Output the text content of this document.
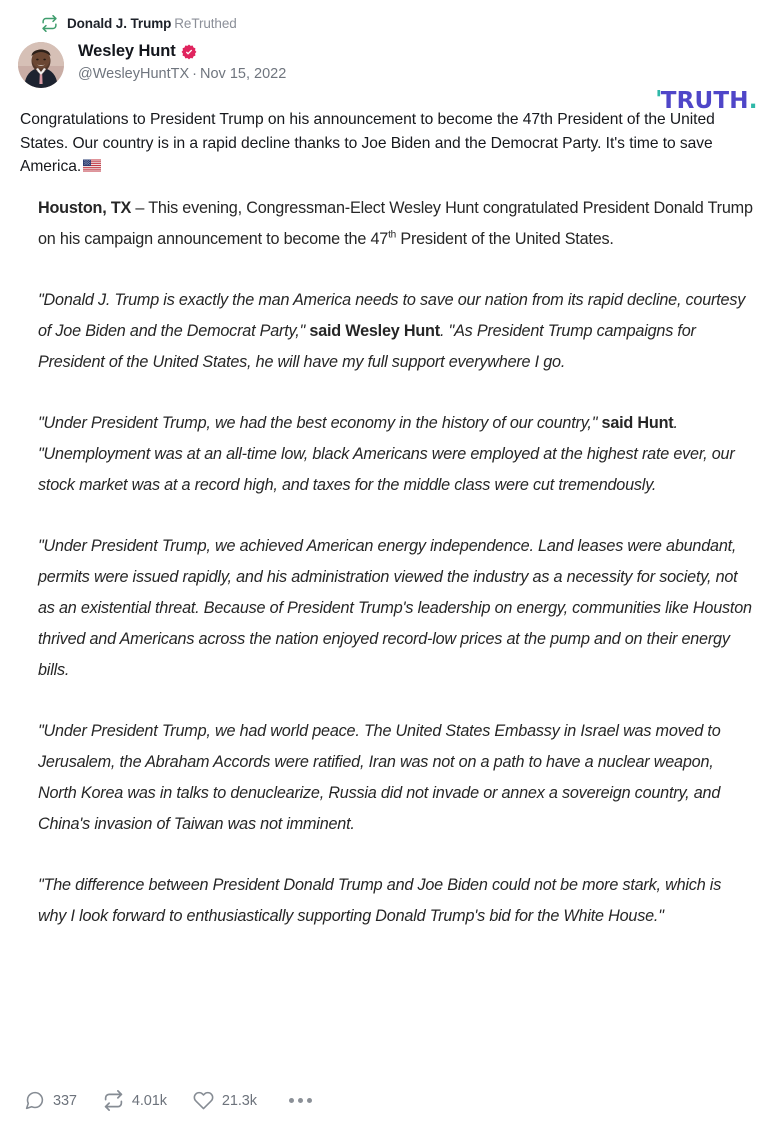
Donald J. Trump ReTruthed
Wesley Hunt
@WesleyHuntTX · Nov 15, 2022
' TRUTH .
Congratulations to President Trump on his announcement to become the 47th President of the United States. Our country is in a rapid decline thanks to Joe Biden and the Democrat Party. It's time to save America.

Houston, TX – This evening, Congressman-Elect Wesley Hunt congratulated President Donald Trump on his campaign announcement to become the 47th President of the United States.

"Donald J. Trump is exactly the man America needs to save our nation from its rapid decline, courtesy of Joe Biden and the Democrat Party," said Wesley Hunt. "As President Trump campaigns for President of the United States, he will have my full support everywhere I go.

"Under President Trump, we had the best economy in the history of our country," said Hunt. "Unemployment was at an all-time low, black Americans were employed at the highest rate ever, our stock market was at a record high, and taxes for the middle class were cut tremendously.

"Under President Trump, we achieved American energy independence. Land leases were abundant, permits were issued rapidly, and his administration viewed the industry as a necessity for society, not as an existential threat. Because of President Trump's leadership on energy, communities like Houston thrived and Americans across the nation enjoyed record-low prices at the pump and on their energy bills.

"Under President Trump, we had world peace. The United States Embassy in Israel was moved to Jerusalem, the Abraham Accords were ratified, Iran was not on a path to have a nuclear weapon, North Korea was in talks to denuclearize, Russia did not invade or annex a sovereign country, and China's invasion of Taiwan was not imminent.

"The difference between President Donald Trump and Joe Biden could not be more stark, which is why I look forward to enthusiastically supporting Donald Trump's bid for the White House."

337	4.01k	21.3k
